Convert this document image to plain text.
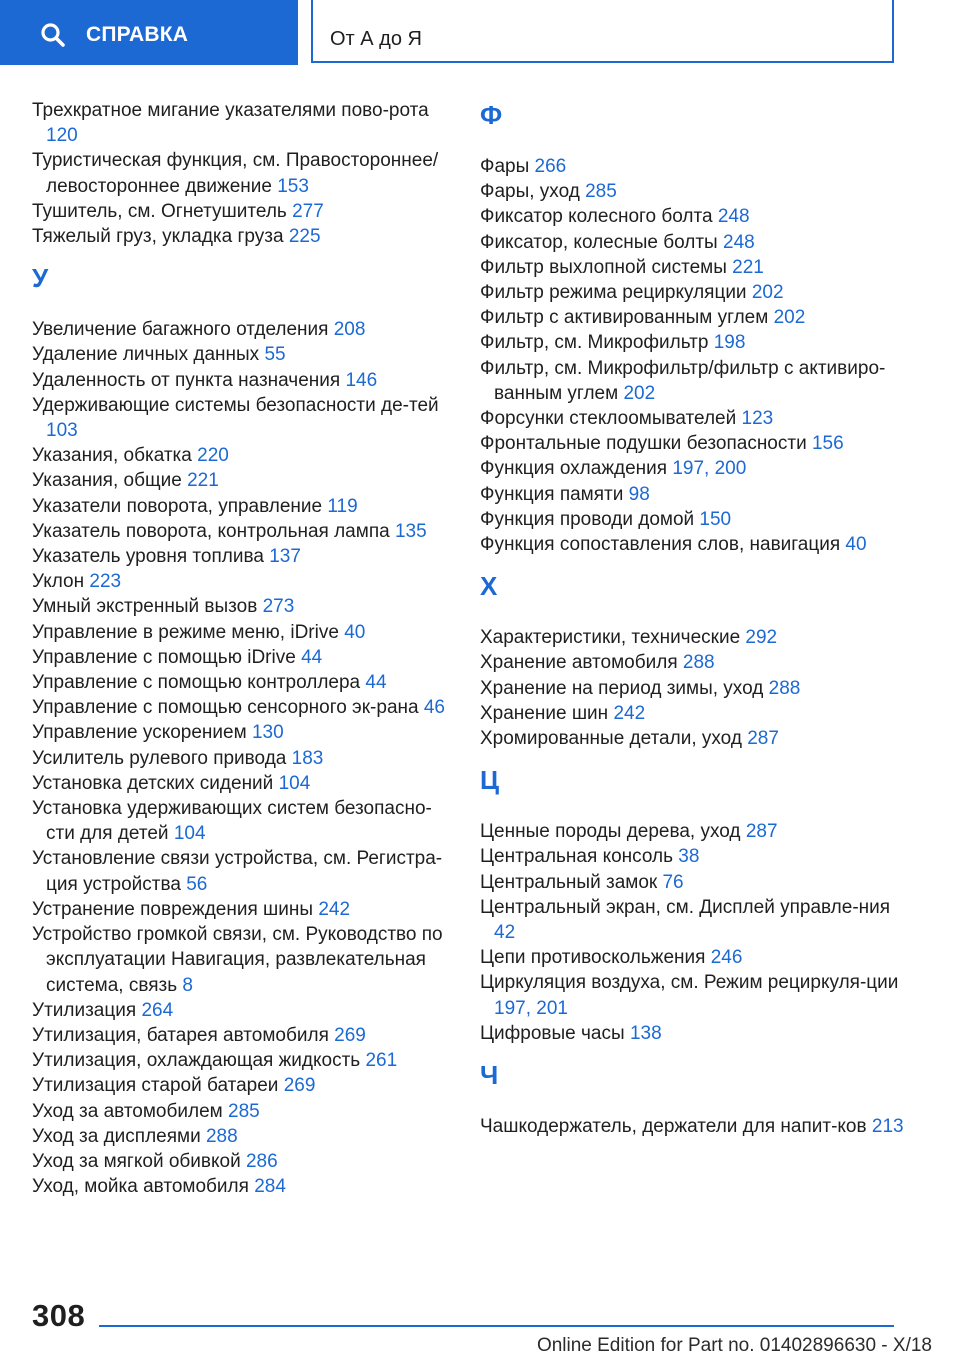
СПРАВКА	От А до Я
Трехкратное мигание указателями пово-рота 120
Туристическая функция, см. Правостороннее/левостороннее движение 153
Тушитель, см. Огнетушитель 277
Тяжелый груз, укладка груза 225
У
Увеличение багажного отделения 208
Удаление личных данных 55
Удаленность от пункта назначения 146
Удерживающие системы безопасности де-тей 103
Указания, обкатка 220
Указания, общие 221
Указатели поворота, управление 119
Указатель поворота, контрольная лампа 135
Указатель уровня топлива 137
Уклон 223
Умный экстренный вызов 273
Управление в режиме меню, iDrive 40
Управление с помощью iDrive 44
Управление с помощью контроллера 44
Управление с помощью сенсорного эк-рана 46
Управление ускорением 130
Усилитель рулевого привода 183
Установка детских сидений 104
Установка удерживающих систем безопасно-сти для детей 104
Установление связи устройства, см. Регистра-ция устройства 56
Устранение повреждения шины 242
Устройство громкой связи, см. Руководство по эксплуатации Навигация, развлекательная система, связь 8
Утилизация 264
Утилизация, батарея автомобиля 269
Утилизация, охлаждающая жидкость 261
Утилизация старой батареи 269
Уход за автомобилем 285
Уход за дисплеями 288
Уход за мягкой обивкой 286
Уход, мойка автомобиля 284
Ф
Фары 266
Фары, уход 285
Фиксатор колесного болта 248
Фиксатор, колесные болты 248
Фильтр выхлопной системы 221
Фильтр режима рециркуляции 202
Фильтр с активированным углем 202
Фильтр, см. Микрофильтр 198
Фильтр, см. Микрофильтр/фильтр с активиро-ванным углем 202
Форсунки стеклоомывателей 123
Фронтальные подушки безопасности 156
Функция охлаждения 197, 200
Функция памяти 98
Функция проводи домой 150
Функция сопоставления слов, навигация 40
Х
Характеристики, технические 292
Хранение автомобиля 288
Хранение на период зимы, уход 288
Хранение шин 242
Хромированные детали, уход 287
Ц
Ценные породы дерева, уход 287
Центральная консоль 38
Центральный замок 76
Центральный экран, см. Дисплей управле-ния 42
Цепи противоскольжения 246
Циркуляция воздуха, см. Режим рециркуля-ции 197, 201
Цифровые часы 138
Ч
Чашкодержатель, держатели для напит-ков 213
308
Online Edition for Part no. 01402896630 - X/18
